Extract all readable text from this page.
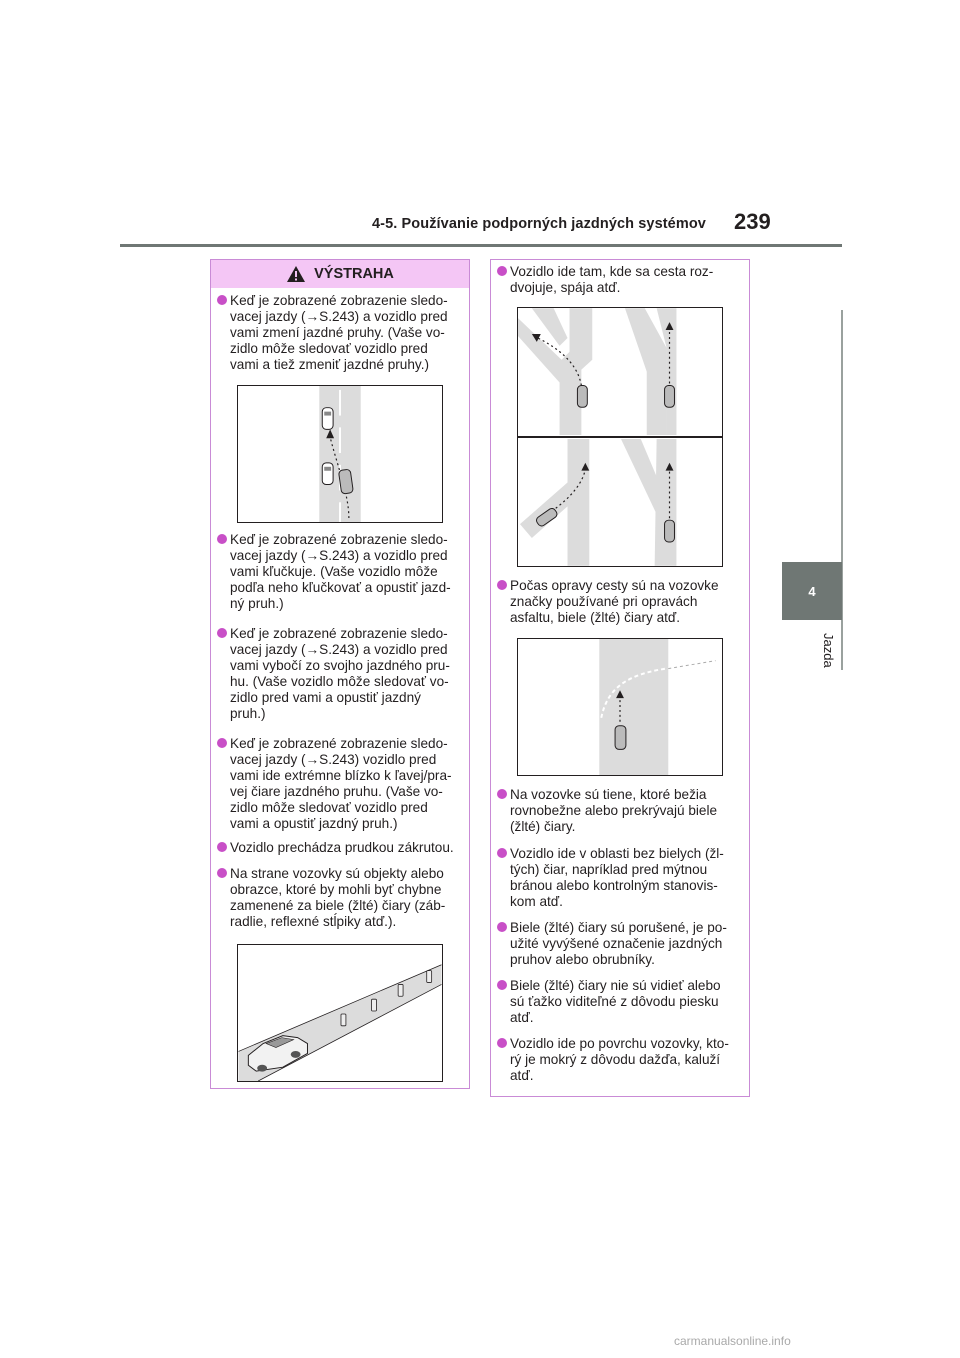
4-5. Používanie podporných jazdných systémov 239
4
Jazda
VÝSTRAHA
Keď je zobrazené zobrazenie sledo-
vacej jazdy (→S.243) a vozidlo pred
vami zmení jazdné pruhy. (Vaše vo-
zidlo môže sledovať vozidlo pred
vami a tiež zmeniť jazdné pruhy.)
Keď je zobrazené zobrazenie sledo-
vacej jazdy (→S.243) a vozidlo pred
vami kľučkuje. (Vaše vozidlo môže
podľa neho kľučkovať a opustiť jazd-
ný pruh.)
Keď je zobrazené zobrazenie sledo-
vacej jazdy (→S.243) a vozidlo pred
vami vybočí zo svojho jazdného pru-
hu. (Vaše vozidlo môže sledovať vo-
zidlo pred vami a opustiť jazdný
pruh.)
Keď je zobrazené zobrazenie sledo-
vacej jazdy (→S.243) vozidlo pred
vami ide extrémne blízko k ľavej/pra-
vej čiare jazdného pruhu. (Vaše vo-
zidlo môže sledovať vozidlo pred
vami a opustiť jazdný pruh.)
Vozidlo prechádza prudkou zákrutou.
Na strane vozovky sú objekty alebo
obrazce, ktoré by mohli byť chybne
zamenené za biele (žlté) čiary (záb-
radlie, reflexné stĺpiky atď.).
Vozidlo ide tam, kde sa cesta roz-
dvojuje, spája atď.
Počas opravy cesty sú na vozovke
značky používané pri opravách
asfaltu, biele (žlté) čiary atď.
Na vozovke sú tiene, ktoré bežia
rovnobežne alebo prekrývajú biele
(žlté) čiary.
Vozidlo ide v oblasti bez bielych (žl-
tých) čiar, napríklad pred mýtnou
bránou alebo kontrolným stanovis-
kom atď.
Biele (žlté) čiary sú porušené, je po-
užité vyvýšené označenie jazdných
pruhov alebo obrubníky.
Biele (žlté) čiary nie sú vidieť alebo
sú ťažko viditeľné z dôvodu piesku
atď.
Vozidlo ide po povrchu vozovky, kto-
rý je mokrý z dôvodu dažďa, kaluží
atď.
carmanualsonline.info
